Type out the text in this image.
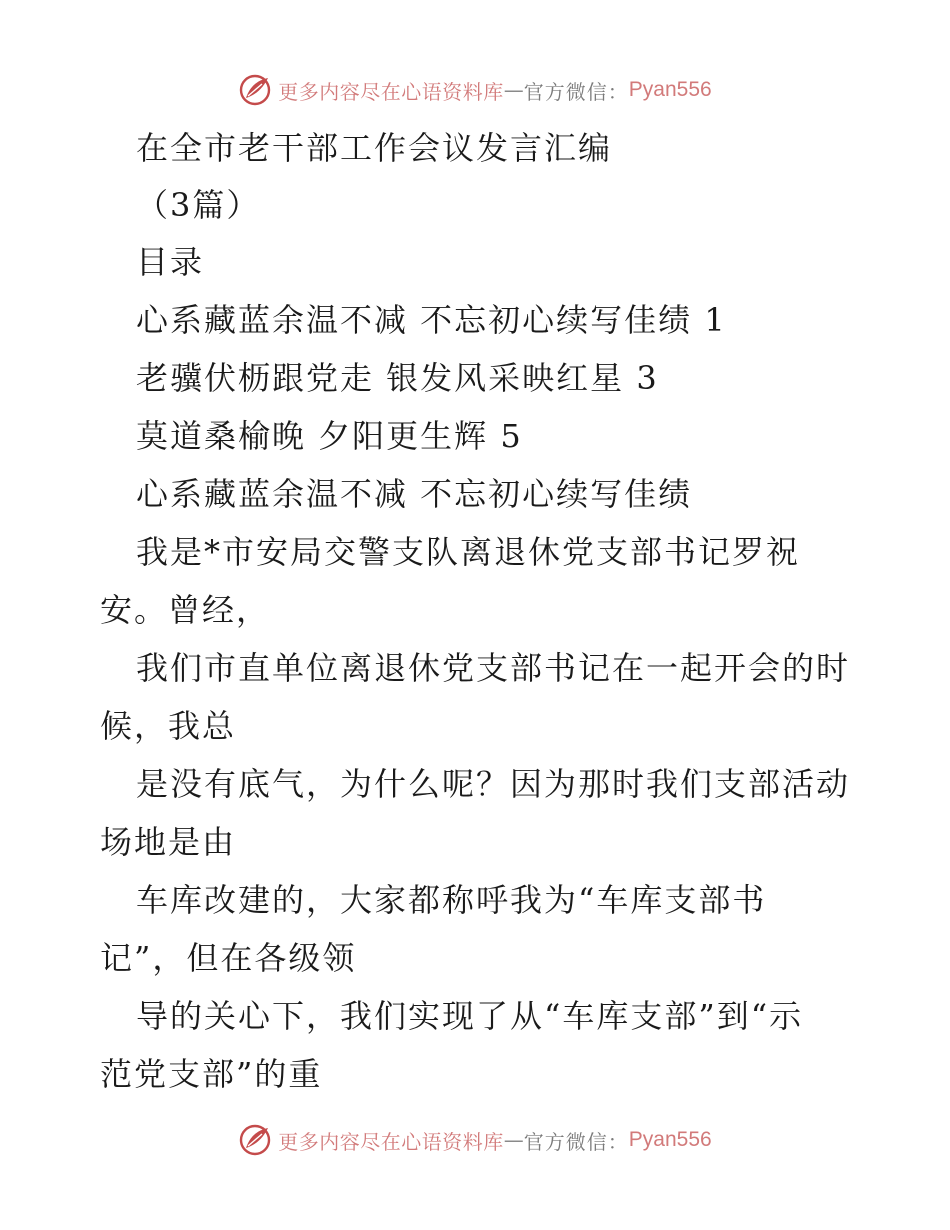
更多内容尽在心语资料库 — 官方微信： Pyan556
在全市老干部工作会议发言汇编
（3篇）
目录
心系藏蓝余温不减 不忘初心续写佳绩 1
老骥伏枥跟党走 银发风采映红星 3
莫道桑榆晚 夕阳更生辉 5
心系藏蓝余温不减 不忘初心续写佳绩
我是*市安局交警支队离退休党支部书记罗祝
安。曾经，
我们市直单位离退休党支部书记在一起开会的时
候，我总
是没有底气，为什么呢？因为那时我们支部活动
场地是由
车库改建的，大家都称呼我为“车库支部书
记”，但在各级领
导的关心下，我们实现了从“车库支部”到“示
范党支部”的重
更多内容尽在心语资料库 — 官方微信： Pyan556
